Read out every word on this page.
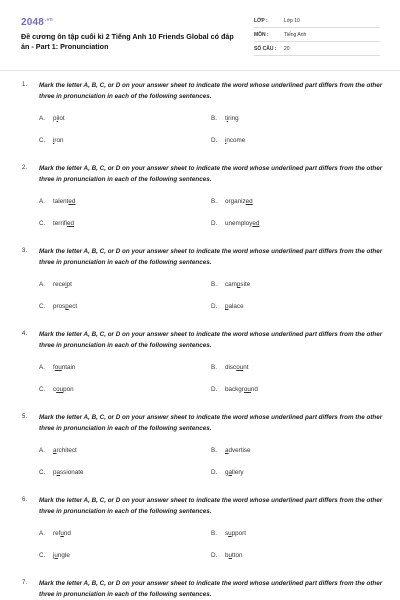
$2048^{.vn}$
Đề cương ôn tập cuối kì 2 Tiếng Anh 10 Friends Global có đáp án - Part 1: Pronunciation
LỚP :	Lớp 10
MÔN :	Tiếng Anh
SỐ CÂU : 20
1. Mark the letter A, B, C, or D on your answer sheet to indicate the word whose underlined part differs from the other three in pronunciation in each of the following sentences.
A. pilot	B. tiring
C. iron	D. income
2. Mark the letter A, B, C, or D on your answer sheet to indicate the word whose underlined part differs from the other three in pronunciation in each of the following sentences.
A. talented	B. organized
C. terrified	D. unemployed
3. Mark the letter A, B, C, or D on your answer sheet to indicate the word whose underlined part differs from the other three in pronunciation in each of the following sentences.
A. receipt	B. campsite
C. prospect	D. palace
4. Mark the letter A, B, C, or D on your answer sheet to indicate the word whose underlined part differs from the other three in pronunciation in each of the following sentences.
A. fountain	B. discount
C. coupon	D. background
5. Mark the letter A, B, C, or D on your answer sheet to indicate the word whose underlined part differs from the other three in pronunciation in each of the following sentences.
A. architect	B. advertise
C. passionate	D. gallery
6. Mark the letter A, B, C, or D on your answer sheet to indicate the word whose underlined part differs from the other three in pronunciation in each of the following sentences.
A. refund	B. support
C. jungle	D. button
7. Mark the letter A, B, C, or D on your answer sheet to indicate the word whose underlined part differs from the other three in pronunciation in each of the following sentences.
